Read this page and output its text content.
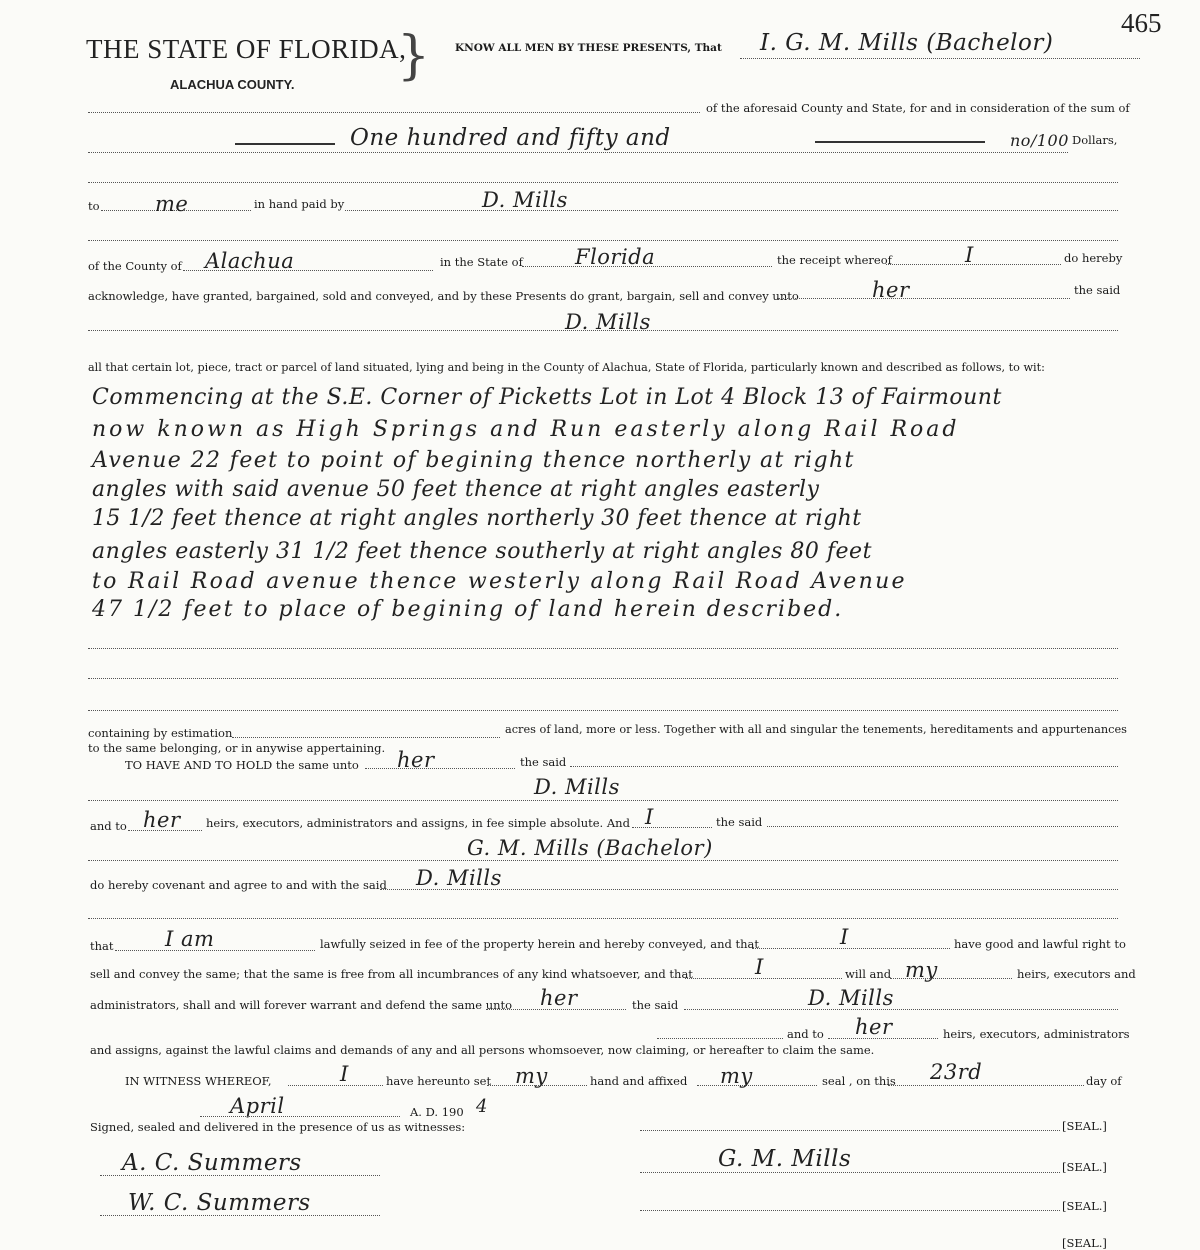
THE STATE OF FLORIDA,
}
ALACHUA COUNTY.
465
KNOW ALL MEN BY THESE PRESENTS, That I. G. M. Mills (Bachelor)
of the aforesaid County and State, for and in consideration of the sum of
One hundred and fifty and	no/100 Dollars,
to	me	in hand paid by	D. Mills
of the County of Alachua	in the State of Florida	the receipt whereof	I	do hereby
acknowledge, have granted, bargained, sold and conveyed, and by these Presents do grant, bargain, sell and convey unto	her	the said
D. Mills
all that certain lot, piece, tract or parcel of land situated, lying and being in the County of Alachua, State of Florida, particularly known and described as follows, to wit:
Commencing at the S.E. Corner of Picketts Lot in Lot 4 Block 13 of Fairmount
now known as High Springs and Run easterly along Rail Road
Avenue 22 feet to point of begining thence northerly at right
angles with said avenue 50 feet thence at right angles easterly
15 1/2 feet thence at right angles northerly 30 feet thence at right
angles easterly 31 1/2 feet thence southerly at right angles 80 feet
to Rail Road avenue thence westerly along Rail Road Avenue
47 1/2 feet to place of begining of land herein described.
containing by estimation	acres of land, more or less. Together with all and singular the tenements, hereditaments and appurtenances
to the same belonging, or in anywise appertaining.
TO HAVE AND TO HOLD the same unto her	the said
D. Mills
and to her heirs, executors, administrators and assigns, in fee simple absolute. And I	the said
G. M. Mills (Bachelor)
do hereby covenant and agree to and with the said D. Mills
that I am	lawfully seized in fee of the property herein and hereby conveyed, and that	I	have good and lawful right to
sell and convey the same; that the same is free from all incumbrances of any kind whatsoever, and that	I	will and my	heirs, executors and
administrators, shall and will forever warrant and defend the same unto her	the said	D. Mills
and to her	heirs, executors, administrators
and assigns, against the lawful claims and demands of any and all persons whomsoever, now claiming, or hereafter to claim the same.
IN WITNESS WHEREOF,	I	have hereunto set my	hand and affixed my	seal , on this 23rd	day of
April	A. D. 190 4
Signed, sealed and delivered in the presence of us as witnesses:	[SEAL.]
A. C. Summers	G. M. Mills	[SEAL.]
W. C. Summers	[SEAL.]
[SEAL.]
